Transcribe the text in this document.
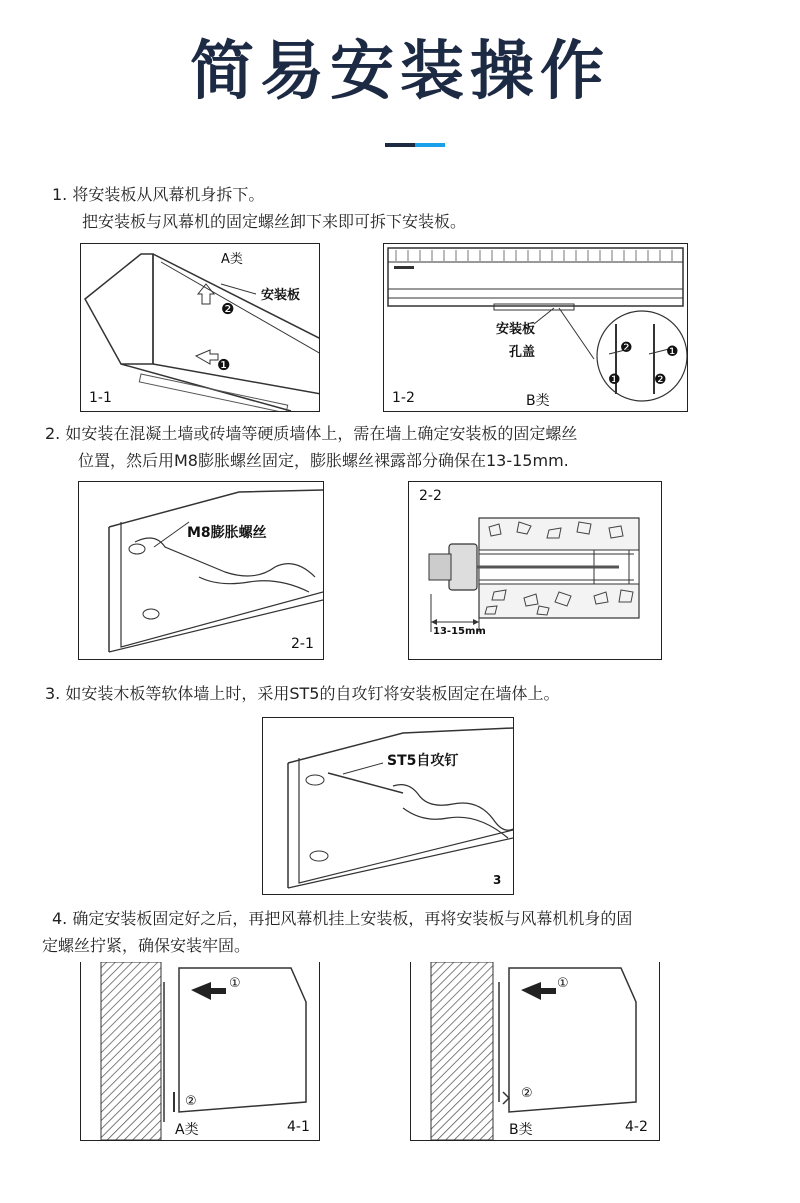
简易安装操作
1. 将安装板从风幕机身拆下。
把安装板与风幕机的固定螺丝卸下来即可拆下安装板。
A类
安装板
❷
❶
1-1
安装板
孔盖	❷ ❶
❶ ❷
1-2	B类
2. 如安装在混凝土墙或砖墙等硬质墙体上，需在墙上确定安装板的固定螺丝
位置，然后用M8膨胀螺丝固定，膨胀螺丝裸露部分确保在13-15mm.
M8膨胀螺丝
2-1
2-2
13-15mm
3. 如安装木板等软体墙上时，采用ST5的自攻钉将安装板固定在墙体上。
ST5自攻钉
3
4. 确定安装板固定好之后，再把风幕机挂上安装板，再将安装板与风幕机机身的固
定螺丝拧紧，确保安装牢固。
①
②
A类	4-1
①
②
B类	4-2
